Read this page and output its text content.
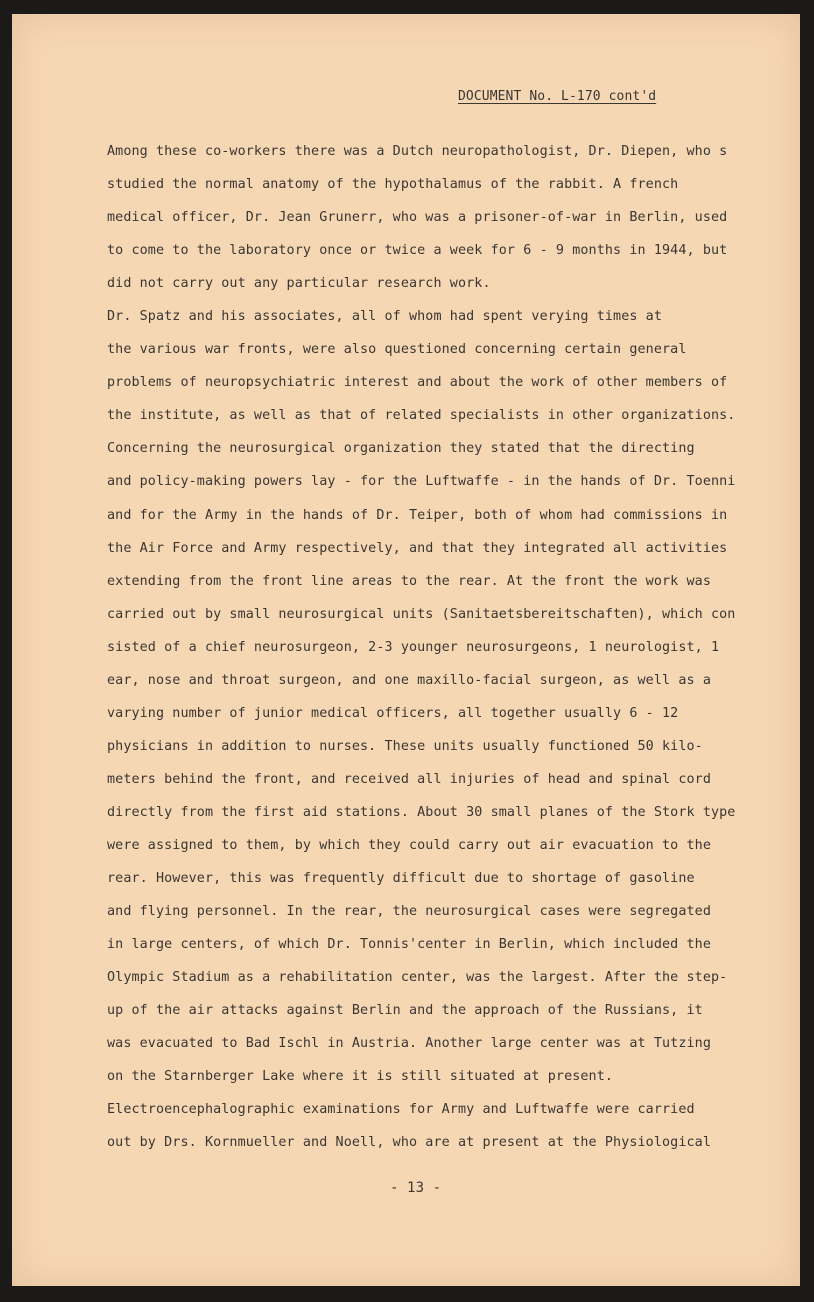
DOCUMENT No. L-170 cont'd

Among these co-workers there was a Dutch neuropathologist, Dr. Diepen, who s
studied the normal anatomy of the hypothalamus of the rabbit. A french
medical officer, Dr. Jean Grunerr, who was a prisoner-of-war in Berlin, used
to come to the laboratory once or twice a week for 6 - 9 months in 1944, but
did not carry out any particular research work.
Dr. Spatz and his associates, all of whom had spent verying times at
the various war fronts, were also questioned concerning certain general
problems of neuropsychiatric interest and about the work of other members of
the institute, as well as that of related specialists in other organizations.
Concerning the neurosurgical organization they stated that the directing
and policy-making powers lay - for the Luftwaffe - in the hands of Dr. Toenni
and for the Army in the hands of Dr. Teiper, both of whom had commissions in
the Air Force and Army respectively, and that they integrated all activities
extending from the front line areas to the rear. At the front the work was
carried out by small neurosurgical units (Sanitaetsbereitschaften), which con
sisted of a chief neurosurgeon, 2-3 younger neurosurgeons, 1 neurologist, 1
ear, nose and throat surgeon, and one maxillo-facial surgeon, as well as a
varying number of junior medical officers, all together usually 6 - 12
physicians in addition to nurses. These units usually functioned 50 kilo-
meters behind the front, and received all injuries of head and spinal cord
directly from the first aid stations. About 30 small planes of the Stork type
were assigned to them, by which they could carry out air evacuation to the
rear. However, this was frequently difficult due to shortage of gasoline
and flying personnel. In the rear, the neurosurgical cases were segregated
in large centers, of which Dr. Tonnis'center in Berlin, which included the
Olympic Stadium as a rehabilitation center, was the largest. After the step-
up of the air attacks against Berlin and the approach of the Russians, it
was evacuated to Bad Ischl in Austria. Another large center was at Tutzing
on the Starnberger Lake where it is still situated at present.
Electroencephalographic examinations for Army and Luftwaffe were carried
out by Drs. Kornmueller and Noell, who are at present at the Physiological

- 13 -
